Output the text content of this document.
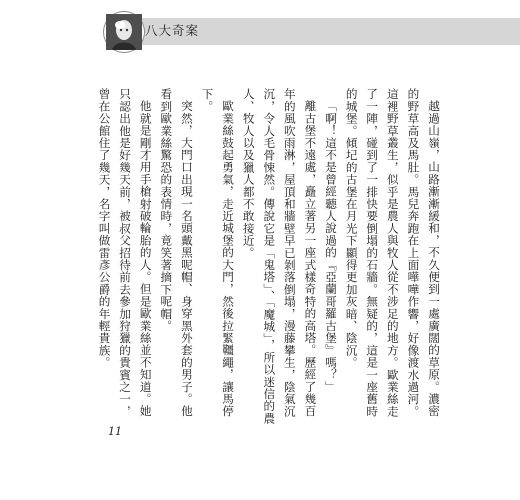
八大奇案

越過山嶺，山路漸漸緩和，不久便到一處廣闊的草原。濃密的野草高及馬肚。馬兒奔跑在上面嘩嘩作響，好像渡水過河。這裡野草叢生，似乎是農人與牧人從不涉足的地方。歐業絲走了一陣，碰到了一排快要倒塌的石牆。無疑的，這是一座舊時的城堡。傾圮的古堡在月光下顯得更加灰暗、陰沉。

「啊！這不是曾經聽人說過的『亞蘭哥羅古堡』嗎？」

離古堡不遠處，矗立著另一座式樣奇特的高塔。歷經了幾百年的風吹雨淋，屋頂和牆壁早已剝落倒塌，漫藤攀生，陰氣沉沉，令人毛骨悚然。傳說它是「鬼塔」、「魔城」，所以迷信的農人、牧人以及獵人都不敢接近。

歐業絲鼓起勇氣，走近城堡的大門，然後拉緊韁繩，讓馬停下。

突然，大門口出現一名頭戴黑呢帽、身穿黑外套的男子。他看到歐業絲驚恐的表情時，竟笑著摘下呢帽。

他就是剛才用手槍射破輪胎的人。但是歐業絲並不知道。她只認出他是好幾天前，被叔父招待前去參加狩獵的貴賓之一，曾在公館住了幾天，名字叫做雷彥公爵的年輕貴族。

11
